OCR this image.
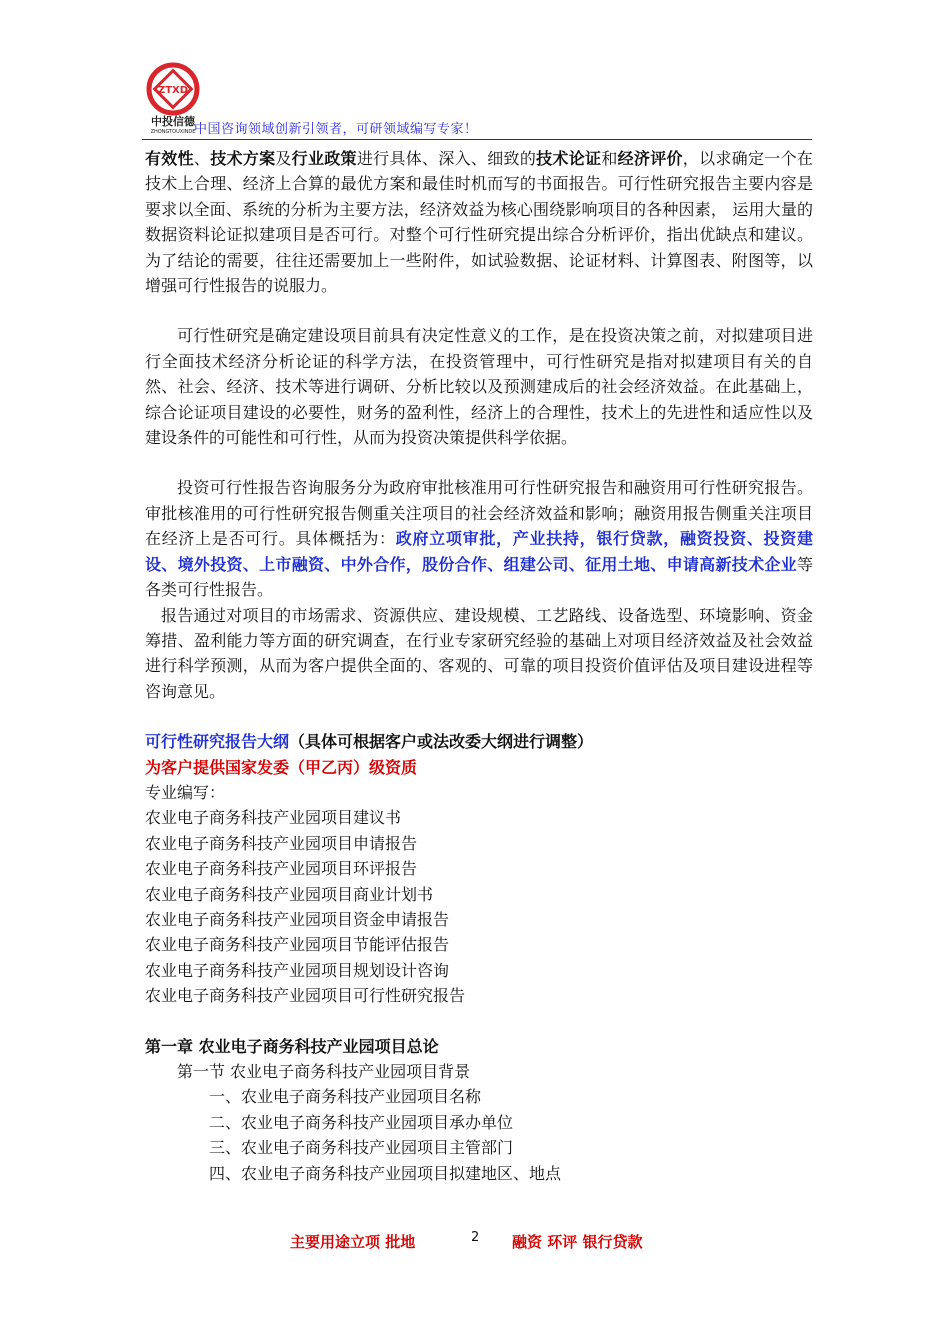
ZTXD
中投信德
ZHONGTOUXINDE
中国咨询领域创新引领者，可研领域编写专家！

有效性、技术方案及行业政策进行具体、深入、细致的技术论证和经济评价，以求确定一个在技术上合理、经济上合算的最优方案和最佳时机而写的书面报告。可行性研究报告主要内容是要求以全面、系统的分析为主要方法，经济效益为核心围绕影响项目的各种因素， 运用大量的数据资料论证拟建项目是否可行。对整个可行性研究提出综合分析评价，指出优缺点和建议。为了结论的需要，往往还需要加上一些附件，如试验数据、论证材料、计算图表、附图等，以增强可行性报告的说服力。

可行性研究是确定建设项目前具有决定性意义的工作，是在投资决策之前，对拟建项目进行全面技术经济分析论证的科学方法，在投资管理中，可行性研究是指对拟建项目有关的自然、社会、经济、技术等进行调研、分析比较以及预测建成后的社会经济效益。在此基础上，综合论证项目建设的必要性，财务的盈利性，经济上的合理性，技术上的先进性和适应性以及建设条件的可能性和可行性，从而为投资决策提供科学依据。

投资可行性报告咨询服务分为政府审批核准用可行性研究报告和融资用可行性研究报告。 审批核准用的可行性研究报告侧重关注项目的社会经济效益和影响；融资用报告侧重关注项目在经济上是否可行。具体概括为：政府立项审批，产业扶持，银行贷款，融资投资、投资建设、境外投资、上市融资、中外合作，股份合作、组建公司、征用土地、申请高新技术企业等各类可行性报告。

报告通过对项目的市场需求、资源供应、建设规模、工艺路线、设备选型、环境影响、资金筹措、盈利能力等方面的研究调查，在行业专家研究经验的基础上对项目经济效益及社会效益进行科学预测，从而为客户提供全面的、客观的、可靠的项目投资价值评估及项目建设进程等咨询意见。

可行性研究报告大纲（具体可根据客户或法改委大纲进行调整）

为客户提供国家发委（甲乙丙）级资质

专业编写：

农业电子商务科技产业园项目建议书

农业电子商务科技产业园项目申请报告

农业电子商务科技产业园项目环评报告

农业电子商务科技产业园项目商业计划书

农业电子商务科技产业园项目资金申请报告

农业电子商务科技产业园项目节能评估报告

农业电子商务科技产业园项目规划设计咨询

农业电子商务科技产业园项目可行性研究报告

第一章 农业电子商务科技产业园项目总论

第一节 农业电子商务科技产业园项目背景

一、农业电子商务科技产业园项目名称

二、农业电子商务科技产业园项目承办单位

三、农业电子商务科技产业园项目主管部门

四、农业电子商务科技产业园项目拟建地区、地点

主要用途立项 批地	2 融资 环评 银行贷款
